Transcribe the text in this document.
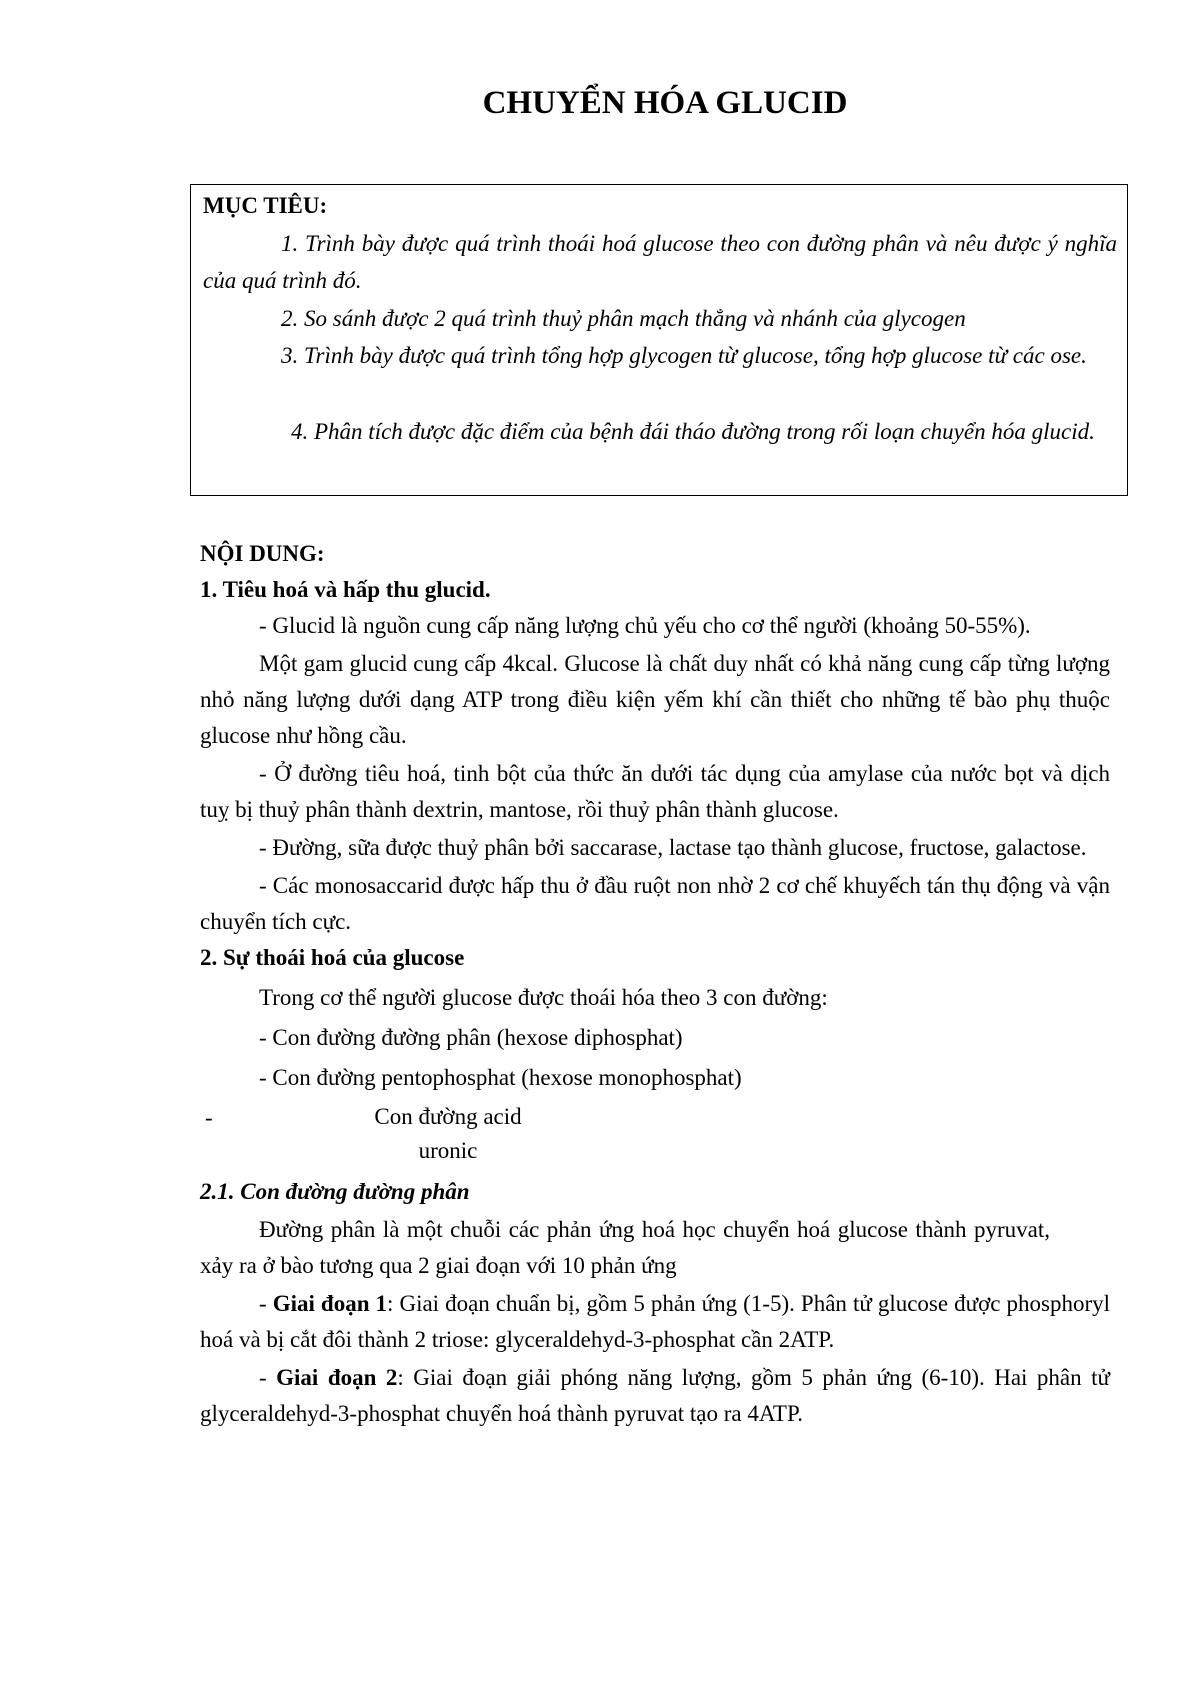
CHUYỂN HÓA GLUCID
MỤC TIÊU:
1. Trình bày được quá trình thoái hoá glucose theo con đường phân và nêu được ý nghĩa của quá trình đó.
2. So sánh được 2 quá trình thuỷ phân mạch thẳng và nhánh của glycogen
3. Trình bày được quá trình tổng hợp glycogen từ glucose, tổng hợp glucose từ các ose.
4. Phân tích được đặc điểm của bệnh đái tháo đường trong rối loạn chuyển hóa glucid.

NỘI DUNG:

1. Tiêu hoá và hấp thu glucid.

- Glucid là nguồn cung cấp năng lượng chủ yếu cho cơ thể người (khoảng 50-55%).

Một gam glucid cung cấp 4kcal. Glucose là chất duy nhất có khả năng cung cấp từng lượng nhỏ năng lượng dưới dạng ATP trong điều kiện yếm khí cần thiết cho những tế bào phụ thuộc glucose như hồng cầu.

- Ở đường tiêu hoá, tinh bột của thức ăn dưới tác dụng của amylase của nước bọt và dịch tuỵ bị thuỷ phân thành dextrin, mantose, rồi thuỷ phân thành glucose.

- Đường, sữa được thuỷ phân bởi saccarase, lactase tạo thành glucose, fructose, galactose.

- Các monosaccarid được hấp thu ở đầu ruột non nhờ 2 cơ chế khuyếch tán thụ động và vận chuyển tích cực.

2. Sự thoái hoá của glucose

Trong cơ thể người glucose được thoái hóa theo 3 con đường:

- Con đường đường phân (hexose diphosphat)

- Con đường pentophosphat (hexose monophosphat)

-	Con đường acid uronic

2.1. Con đường đường phân

Đường phân là một chuỗi các phản ứng hoá học chuyển hoá glucose thành pyruvat, xảy ra ở bào tương qua 2 giai đoạn với 10 phản ứng

- Giai đoạn 1: Giai đoạn chuẩn bị, gồm 5 phản ứng (1-5). Phân tử glucose được phosphoryl hoá và bị cắt đôi thành 2 triose: glyceraldehyd-3-phosphat cần 2ATP.

- Giai đoạn 2: Giai đoạn giải phóng năng lượng, gồm 5 phản ứng (6-10). Hai phân tử glyceraldehyd-3-phosphat chuyển hoá thành pyruvat tạo ra 4ATP.
